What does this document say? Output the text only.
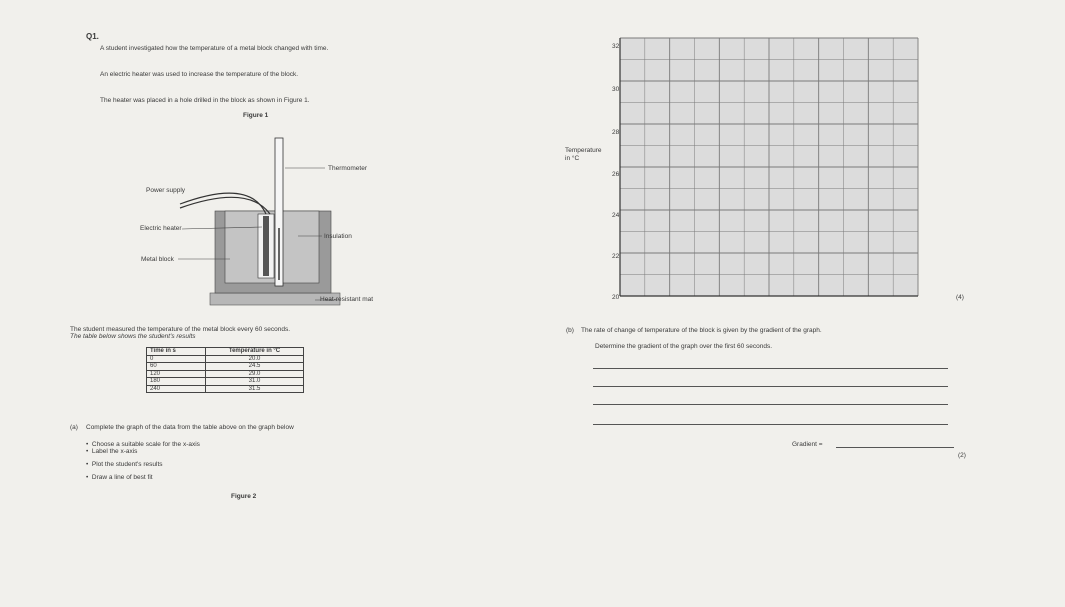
Q1.
A student investigated how the temperature of a metal block changed with time.
An electric heater was used to increase the temperature of the block.
The heater was placed in a hole drilled in the block as shown in Figure 1.
Figure 1
Thermometer
Power supply
Electric heater
Insulation
Metal block
Heat-resistant mat
The student measured the temperature of the metal block every 60 seconds.
The table below shows the student's results
Time in s	Temperature in °C
0	20.0
60	24.5
120	29.0
180	31.0
240	31.5
(a) Complete the graph of the data from the table above on the graph below
•  Choose a suitable scale for the x-axis
•  Label the x-axis
•  Plot the student's results
•  Draw a line of best fit
Figure 2
Temperature
in °C
32
30
28
26
24
22
20	(4)
(b) The rate of change of temperature of the block is given by the gradient of the graph.
Determine the gradient of the graph over the first 60 seconds.
Gradient =
(2)
